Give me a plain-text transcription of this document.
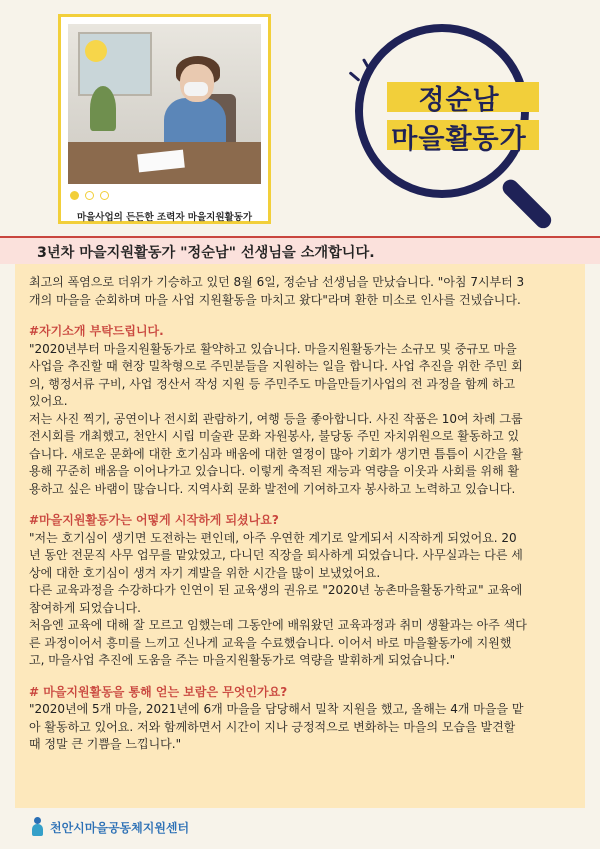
마을사업의 든든한 조력자 마을지원활동가
정순남
마을활동가
3년차 마을지원활동가 "정순남" 선생님을 소개합니다.

최고의 폭염으로 더위가 기승하고 있던 8월 6일, 정순남 선생님을 만났습니다. "아침 7시부터 3
개의 마을을 순회하며 마을 사업 지원활동을 마치고 왔다"라며 환한 미소로 인사를 건넸습니다.

#자기소개 부탁드립니다.

"2020년부터 마을지원활동가로 활약하고 있습니다. 마을지원활동가는 소규모 및 중규모 마을
사업을 추진할 때 현장 밀착형으로 주민분들을 지원하는 일을 합니다. 사업 추진을 위한 주민 회
의, 행정서류 구비, 사업 정산서 작성 지원 등 주민주도 마을만들기사업의 전 과정을 함께 하고
있어요.
저는 사진 찍기, 공연이나 전시회 관람하기, 여행 등을 좋아합니다. 사진 작품은 10여 차례 그룹
전시회를 개최했고, 천안시 시립 미술관 문화 자원봉사, 불당동 주민 자치위원으로 활동하고 있
습니다. 새로운 문화에 대한 호기심과 배움에 대한 열정이 많아 기회가 생기면 틈틈이 시간을 활
용해 꾸준히 배움을 이어나가고 있습니다. 이렇게 축적된 재능과 역량을 이웃과 사회를 위해 활
용하고 싶은 바램이 많습니다. 지역사회 문화 발전에 기여하고자 봉사하고 노력하고 있습니다.

#마을지원활동가는 어떻게 시작하게 되셨나요?

"저는 호기심이 생기면 도전하는 편인데, 아주 우연한 계기로 알게되서 시작하게 되었어요. 20
년 동안 전문직 사무 업무를 맡았었고, 다니던 직장을 퇴사하게 되었습니다. 사무실과는 다른 세
상에 대한 호기심이 생겨 자기 계발을 위한 시간을 많이 보냈었어요.
다른 교육과정을 수강하다가 인연이 된 교육생의 권유로 "2020년 농촌마을활동가학교" 교육에
참여하게 되었습니다.
처음엔 교육에 대해 잘 모르고 임했는데 그동안에 배워왔던 교육과정과 취미 생활과는 아주 색다
른 과정이어서 흥미를 느끼고 신나게 교육을 수료했습니다. 이어서 바로 마을활동가에 지원했
고, 마을사업 추진에 도움을 주는 마을지원활동가로 역량을 발휘하게 되었습니다."

# 마을지원활동을 통해 얻는 보람은 무엇인가요?

"2020년에 5개 마을, 2021년에 6개 마을을 담당해서 밀착 지원을 했고, 올해는 4개 마을을 맡
아 활동하고 있어요. 저와 함께하면서 시간이 지나 긍정적으로 변화하는 마을의 모습을 발견할
때 정말 큰 기쁨을 느낍니다."

천안시마을공동체지원센터
